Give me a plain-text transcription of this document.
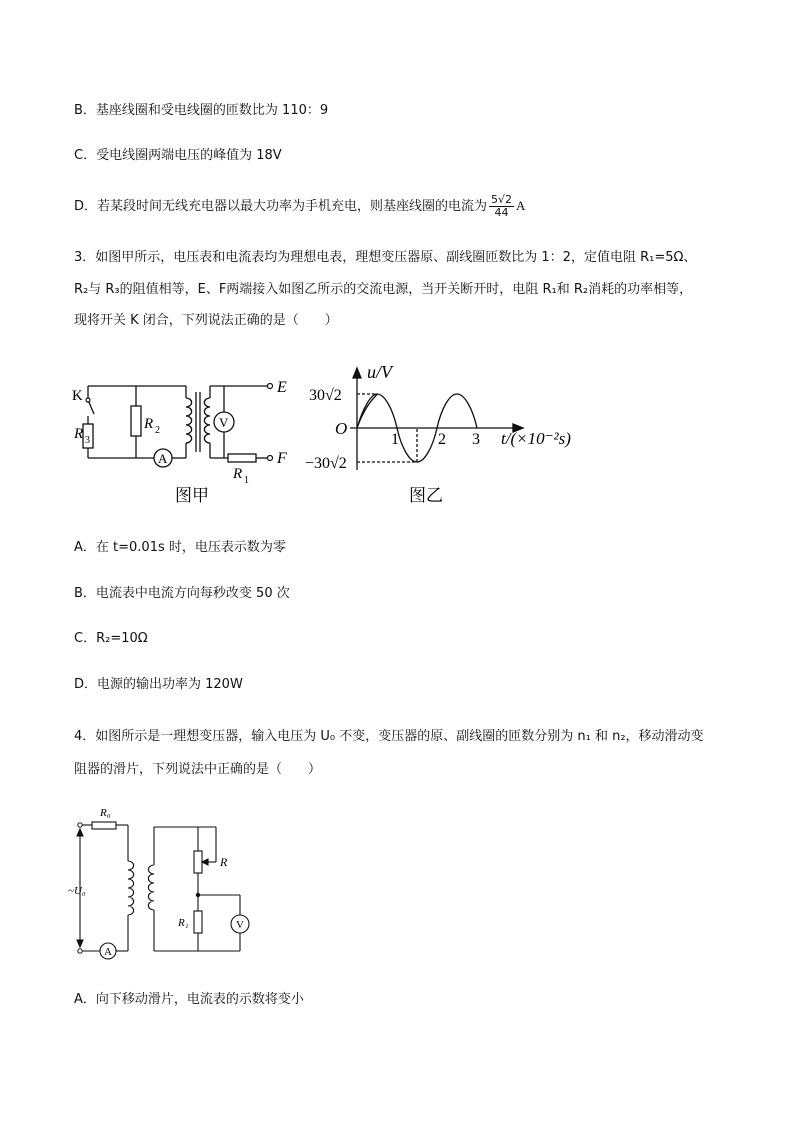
B．基座线圈和受电线圈的匝数比为 110：9
C．受电线圈两端电压的峰值为 18V
D．若某段时间无线充电器以最大功率为手机充电，则基座线圈的电流为 $\frac{5√2}{44}$ A
3．如图甲所示，电压表和电流表均为理想电表，理想变压器原、副线圈匝数比为 1：2，定值电阻 R₁=5Ω、
R₂与 R₃的阻值相等，E、F两端接入如图乙所示的交流电源，当开关断开时，电阻 R₁和 R₂消耗的功率相等，
现将开关 K 闭合，下列说法正确的是（　　）
K
R 3
R 2
A
V
E
F
R 1
图甲
u/V
30√2
−30√2
O
1 2 3 t/(×10⁻²s)
图乙
A．在 t=0.01s 时，电压表示数为零
B．电流表中电流方向每秒改变 50 次
C．R₂=10Ω
D．电源的输出功率为 120W
4．如图所示是一理想变压器，输入电压为 U₀ 不变，变压器的原、副线圈的匝数分别为 n₁ 和 n₂，移动滑动变
阻器的滑片，下列说法中正确的是（　　）
R₀
~U₀
A
R
R₁	V
A．向下移动滑片，电流表的示数将变小
